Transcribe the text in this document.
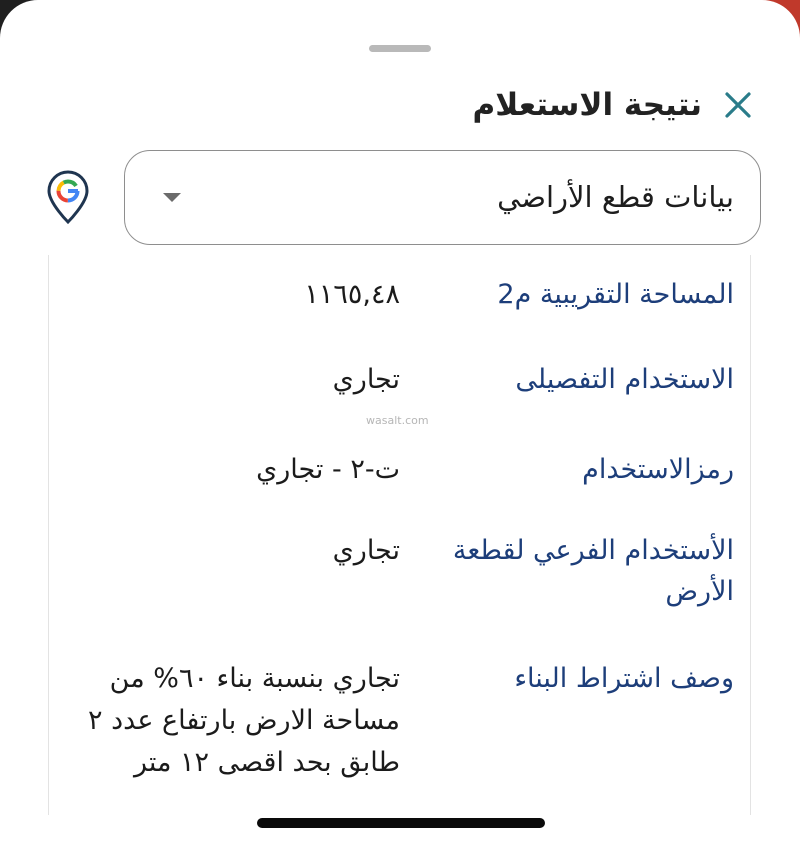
نتيجة الاستعلام
بيانات قطع الأراضي
المساحة التقريبية م2
١١٦٥,٤٨
الاستخدام التفصيلى
تجاري
wasalt.com
رمزالاستخدام
ت-٢ - تجاري
الأستخدام الفرعي لقطعة الأرض
تجاري
وصف اشتراط البناء
تجاري بنسبة بناء ٦٠% من مساحة الارض بارتفاع عدد ٢ طابق بحد اقصى ١٢ متر
